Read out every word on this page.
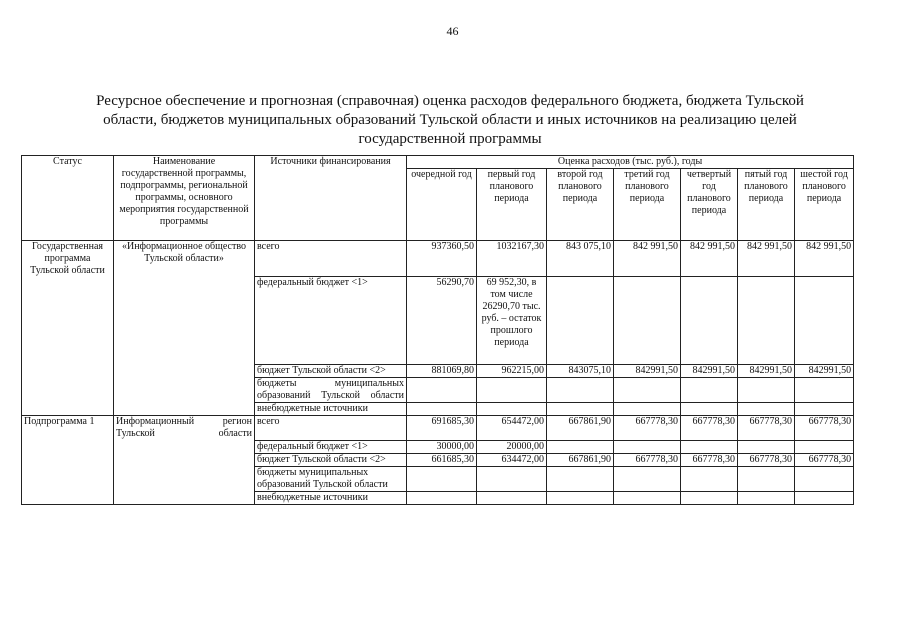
46
Ресурсное обеспечение и прогнозная (справочная) оценка расходов федерального бюджета, бюджета Тульской
области, бюджетов муниципальных образований Тульской области и иных источников на реализацию целей
государственной программы
Статус	Наименование государственной программы, подпрограммы, региональной программы, основного мероприятия государственной программы	Источники финансирования	Оценка расходов (тыс. руб.), годы						
			очередной год	первый год планового периода	второй год планового периода	третий год планового периода	четвертый год планового периода	пятый год планового периода	шестой год планового периода
Государственная программа Тульской области	«Информационное общество Тульской области»	всего	937360,50	1032167,30	843 075,10	842 991,50	842 991,50	842 991,50	842 991,50
		федеральный бюджет <1>	56290,70	69 952,30, в том числе 26290,70 тыс. руб. – остаток прошлого периода					
		бюджет Тульской области <2>	881069,80	962215,00	843075,10	842991,50	842991,50	842991,50	842991,50
		бюджеты муниципальных образований Тульской области							
		внебюджетные источники							
Подпрограмма 1	Информационный регион Тульской области	всего	691685,30	654472,00	667861,90	667778,30	667778,30	667778,30	667778,30
		федеральный бюджет <1>	30000,00	20000,00					
		бюджет Тульской области <2>	661685,30	634472,00	667861,90	667778,30	667778,30	667778,30	667778,30
		бюджеты муниципальных образований Тульской области							
		внебюджетные источники							
